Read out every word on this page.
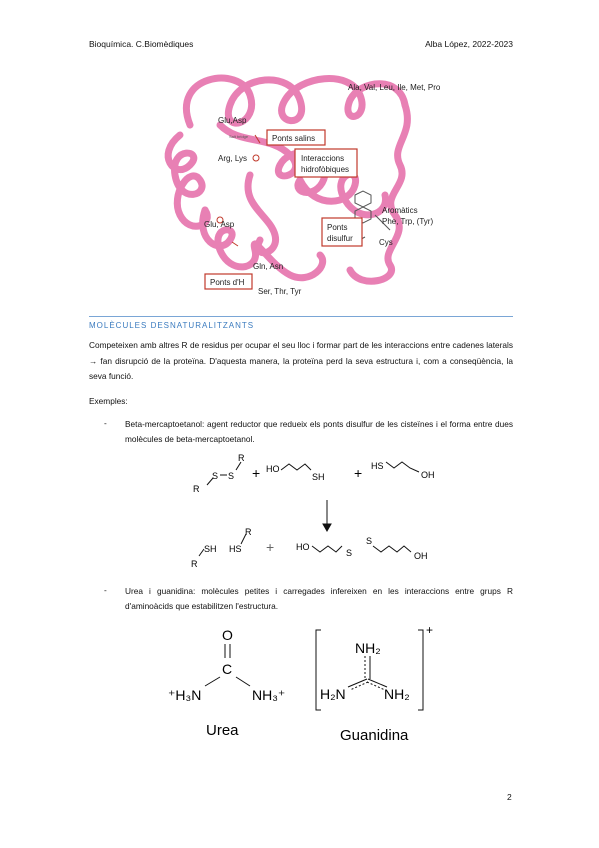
Bioquímica. C.Biomèdiques	Alba López, 2022-2023
Ala, Val, Leu, Ile, Met, Pro
Glu,Asp
Salt bridge	Ponts salins
Arg, Lys	Interaccions
hidrofòbiques
Aromàtics
Phe, Trp, (Tyr)
Glu, Asp	Ponts
disulfur	Cys
Gln, Asn
Ponts d'H
Ser, Thr, Tyr
MOLÈCULES DESNATURALITZANTS
Competeixen amb altres R de residus per ocupar el seu lloc i formar part de les interaccions entre cadenes laterals → fan disrupció de la proteïna. D'aquesta manera, la proteïna perd la seva estructura i, com a conseqüència, la seva funció.
Exemples:
- Beta-mercaptoetanol: agent reductor que redueix els ponts disulfur de les cisteïnes i el forma entre dues molècules de beta-mercaptoetanol.
R
S S
R
+ HO
SH + HS
OH
R
SH HS
R
+ HO
S
S
OH
- Urea i guanidina: molècules petites i carregades infereixen en les interaccions entre grups R d'aminoàcids que estabilitzen l'estructura.
O
C
⁺H₃N	NH₃⁺
Urea
NH₂
H₂N	NH₂
+
Guanidina
2
